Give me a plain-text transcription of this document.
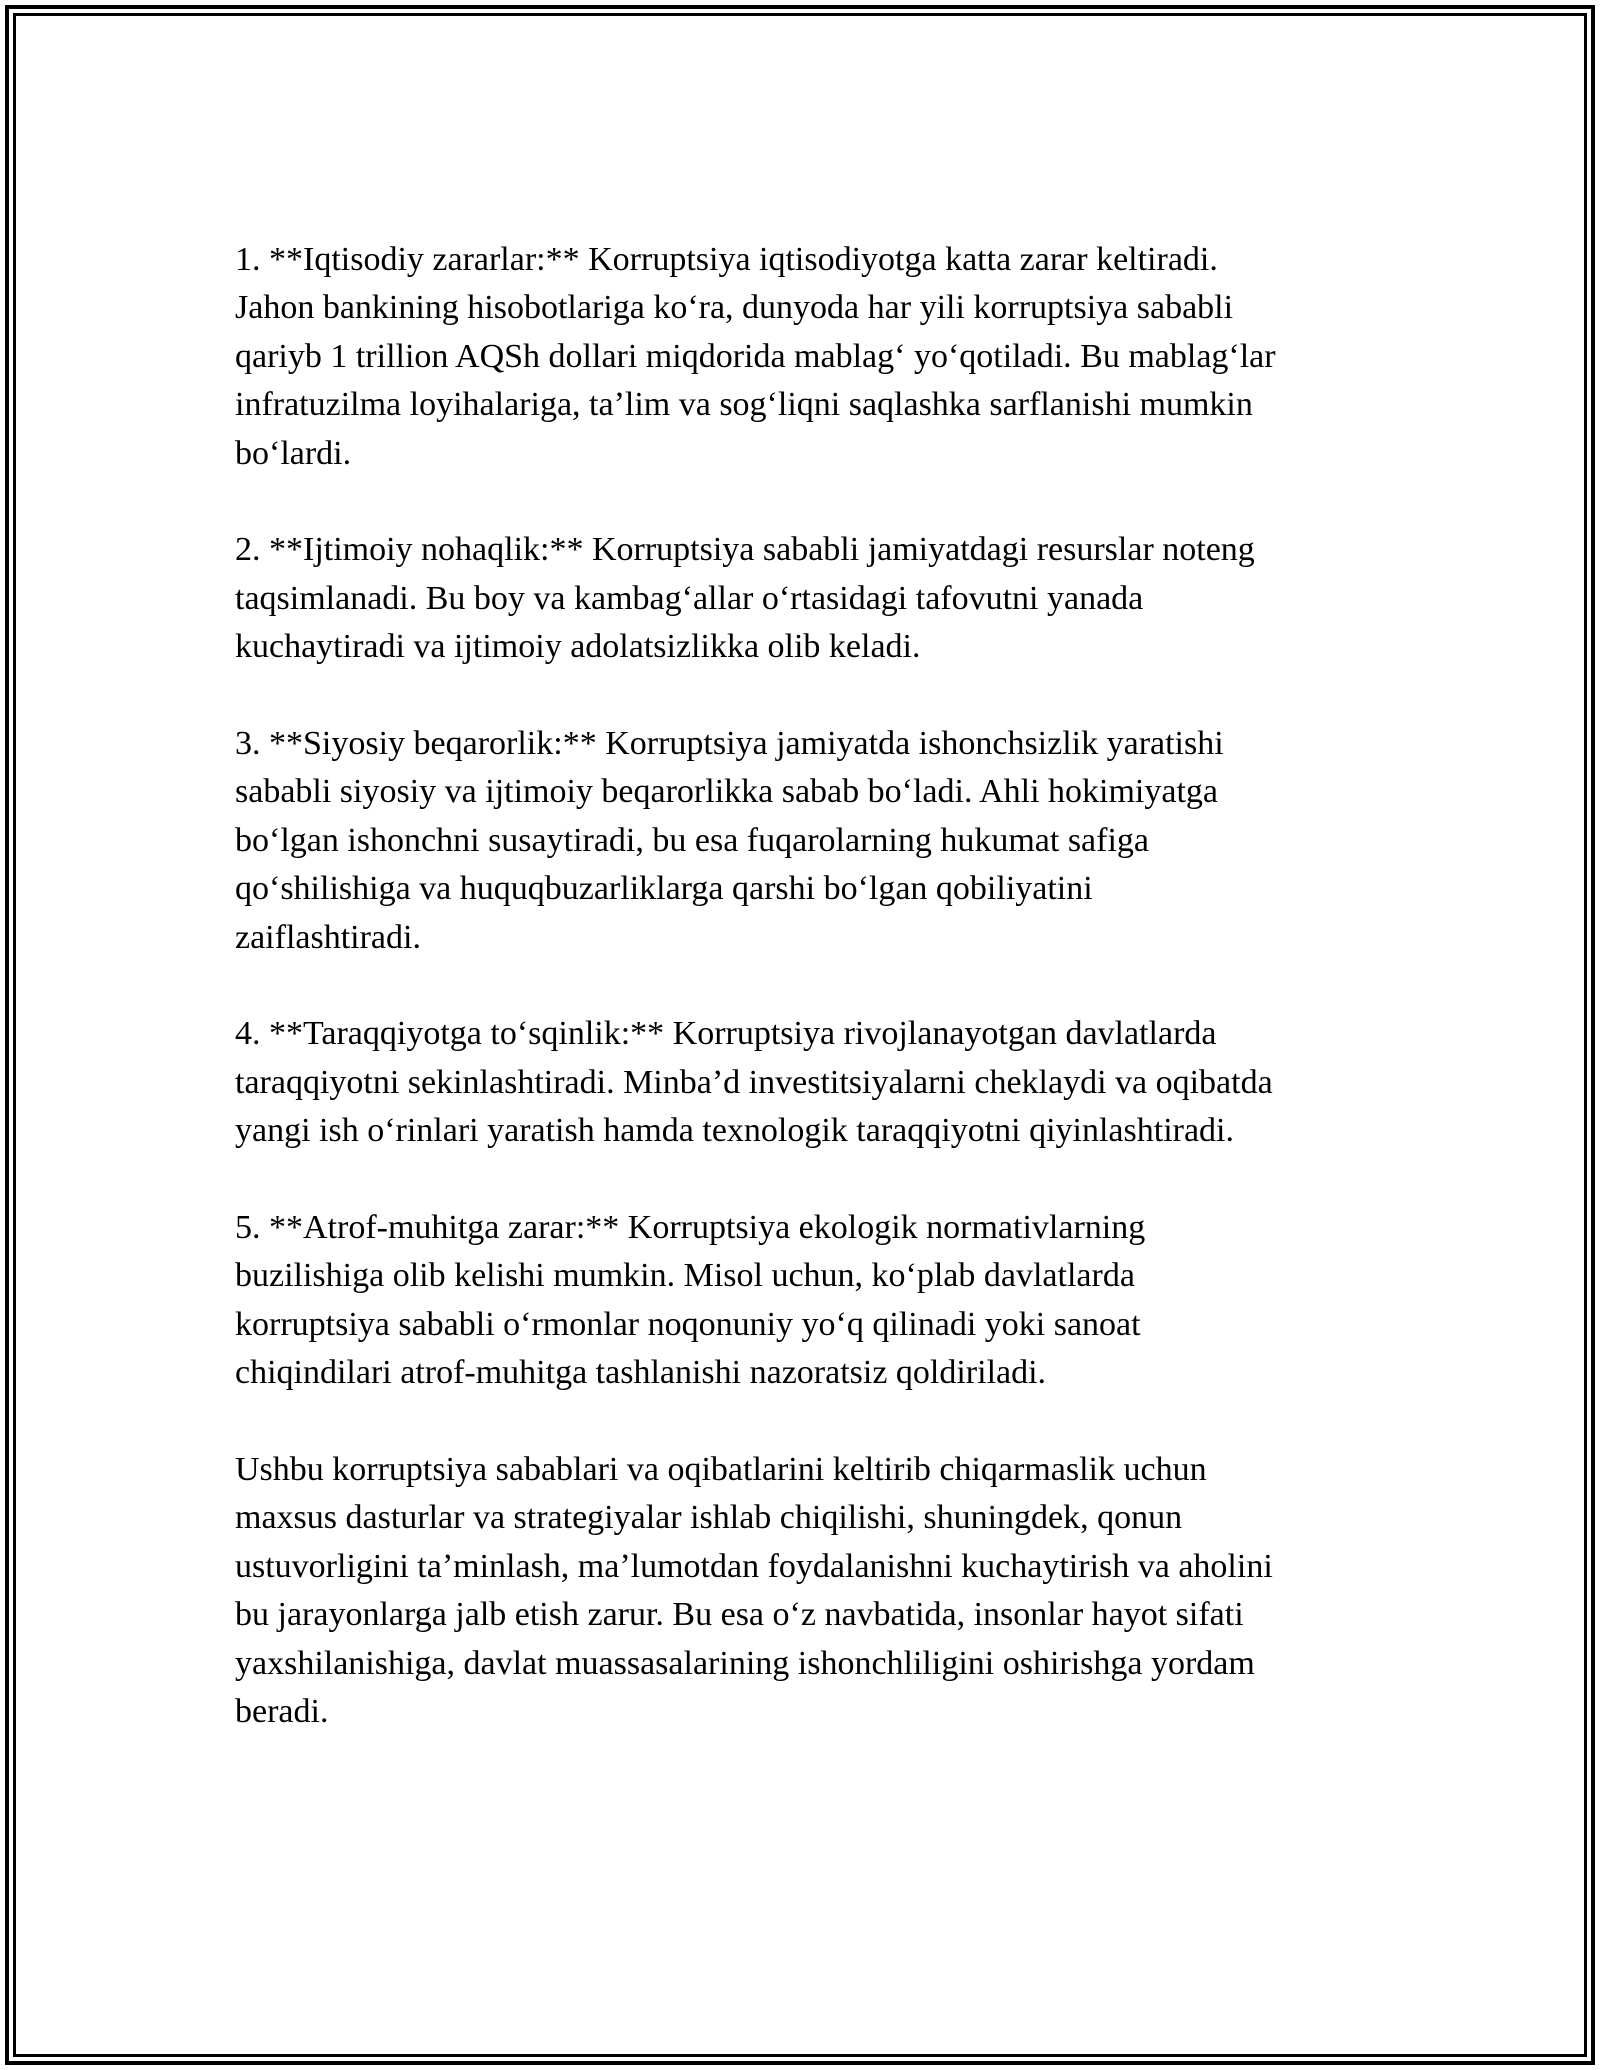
1. **Iqtisodiy zararlar:** Korruptsiya iqtisodiyotga katta zarar keltiradi.
Jahon bankining hisobotlariga koʻra, dunyoda har yili korruptsiya sababli
qariyb 1 trillion AQSh dollari miqdorida mablagʻ yoʻqotiladi. Bu mablagʻlar
infratuzilma loyihalariga, taʼlim va sogʻliqni saqlashka sarflanishi mumkin
boʻlardi.

2. **Ijtimoiy nohaqlik:** Korruptsiya sababli jamiyatdagi resurslar noteng
taqsimlanadi. Bu boy va kambagʻallar oʻrtasidagi tafovutni yanada
kuchaytiradi va ijtimoiy adolatsizlikka olib keladi.

3. **Siyosiy beqarorlik:** Korruptsiya jamiyatda ishonchsizlik yaratishi
sababli siyosiy va ijtimoiy beqarorlikka sabab boʻladi. Ahli hokimiyatga
boʻlgan ishonchni susaytiradi, bu esa fuqarolarning hukumat safiga
qoʻshilishiga va huquqbuzarliklarga qarshi boʻlgan qobiliyatini
zaiflashtiradi.

4. **Taraqqiyotga toʻsqinlik:** Korruptsiya rivojlanayotgan davlatlarda
taraqqiyotni sekinlashtiradi. Minbaʼd investitsiyalarni cheklaydi va oqibatda
yangi ish oʻrinlari yaratish hamda texnologik taraqqiyotni qiyinlashtiradi.

5. **Atrof-muhitga zarar:** Korruptsiya ekologik normativlarning
buzilishiga olib kelishi mumkin. Misol uchun, koʻplab davlatlarda
korruptsiya sababli oʻrmonlar noqonuniy yoʻq qilinadi yoki sanoat
chiqindilari atrof-muhitga tashlanishi nazoratsiz qoldiriladi.

Ushbu korruptsiya sabablari va oqibatlarini keltirib chiqarmaslik uchun
maxsus dasturlar va strategiyalar ishlab chiqilishi, shuningdek, qonun
ustuvorligini taʼminlash, maʼlumotdan foydalanishni kuchaytirish va aholini
bu jarayonlarga jalb etish zarur. Bu esa oʻz navbatida, insonlar hayot sifati
yaxshilanishiga, davlat muassasalarining ishonchliligini oshirishga yordam
beradi.
